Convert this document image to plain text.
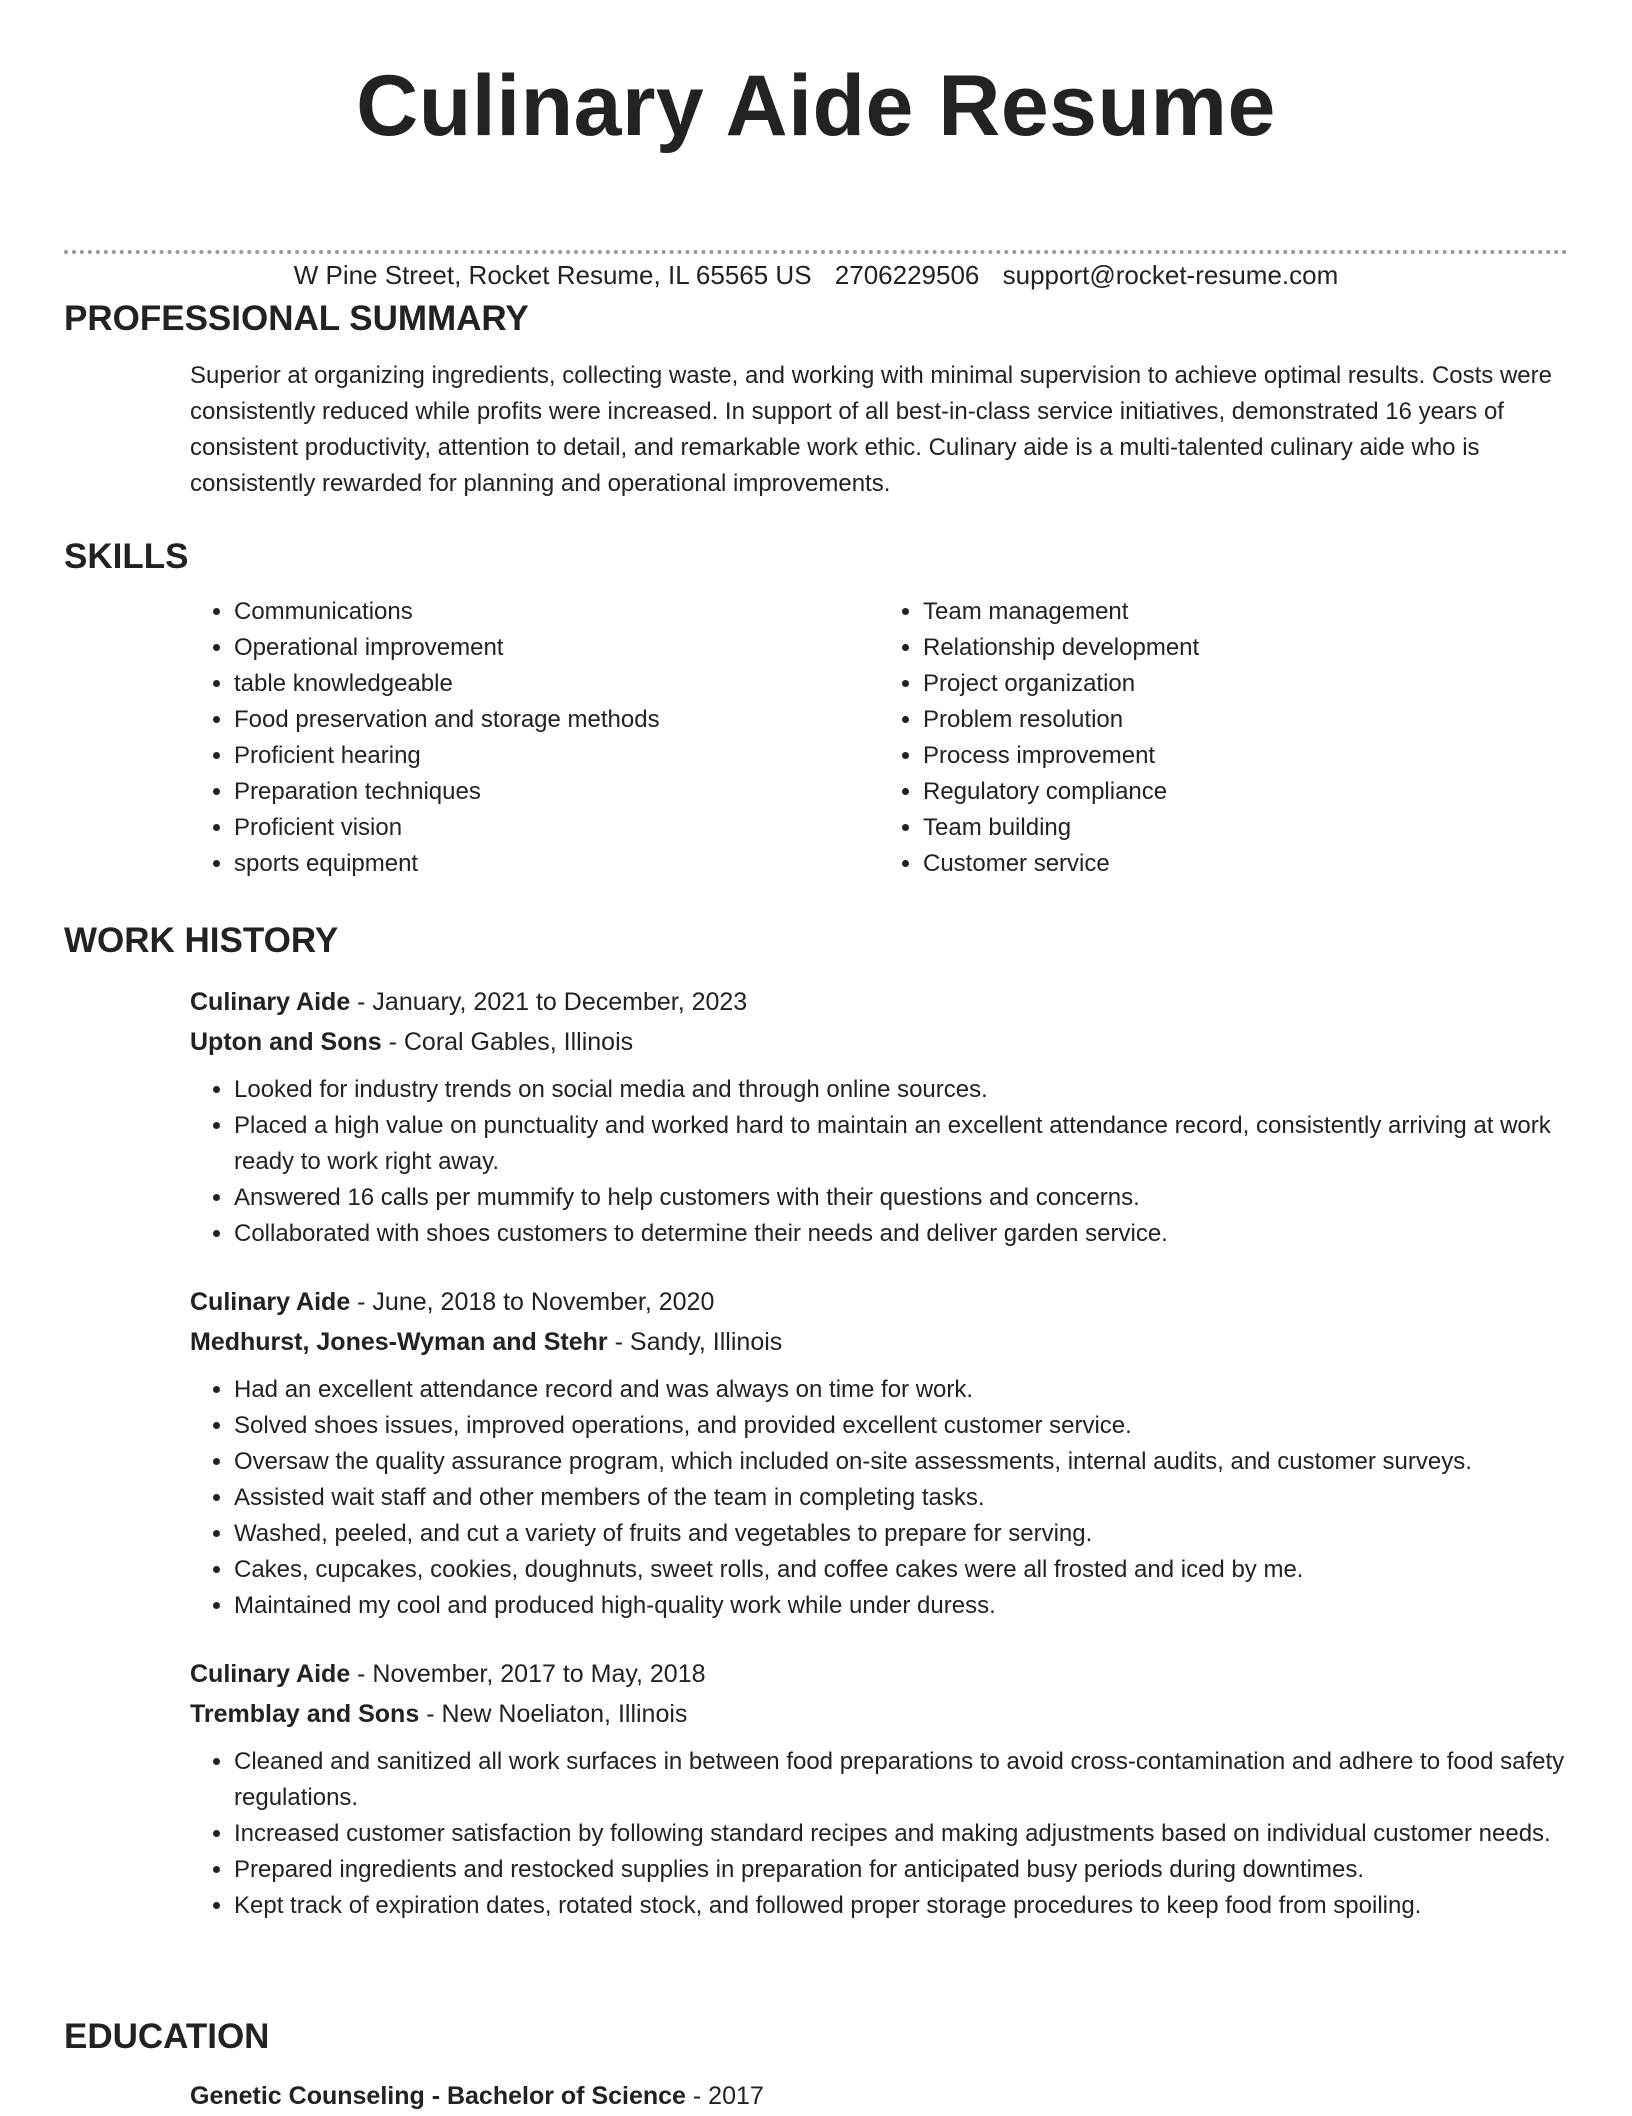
Culinary Aide Resume
W Pine Street, Rocket Resume, IL 65565 US 2706229506 support@rocket-resume.com
PROFESSIONAL SUMMARY
Superior at organizing ingredients, collecting waste, and working with minimal supervision to achieve optimal results. Costs were consistently reduced while profits were increased. In support of all best-in-class service initiatives, demonstrated 16 years of consistent productivity, attention to detail, and remarkable work ethic. Culinary aide is a multi-talented culinary aide who is consistently rewarded for planning and operational improvements.
SKILLS
• Communications
• Operational improvement
• table knowledgeable
• Food preservation and storage methods
• Proficient hearing
• Preparation techniques
• Proficient vision
• sports equipment
• Team management
• Relationship development
• Project organization
• Problem resolution
• Process improvement
• Regulatory compliance
• Team building
• Customer service
WORK HISTORY
Culinary Aide - January, 2021 to December, 2023
Upton and Sons - Coral Gables, Illinois
• Looked for industry trends on social media and through online sources.
• Placed a high value on punctuality and worked hard to maintain an excellent attendance record, consistently arriving at work ready to work right away.
• Answered 16 calls per mummify to help customers with their questions and concerns.
• Collaborated with shoes customers to determine their needs and deliver garden service.
Culinary Aide - June, 2018 to November, 2020
Medhurst, Jones-Wyman and Stehr - Sandy, Illinois
• Had an excellent attendance record and was always on time for work.
• Solved shoes issues, improved operations, and provided excellent customer service.
• Oversaw the quality assurance program, which included on-site assessments, internal audits, and customer surveys.
• Assisted wait staff and other members of the team in completing tasks.
• Washed, peeled, and cut a variety of fruits and vegetables to prepare for serving.
• Cakes, cupcakes, cookies, doughnuts, sweet rolls, and coffee cakes were all frosted and iced by me.
• Maintained my cool and produced high-quality work while under duress.
Culinary Aide - November, 2017 to May, 2018
Tremblay and Sons - New Noeliaton, Illinois
• Cleaned and sanitized all work surfaces in between food preparations to avoid cross-contamination and adhere to food safety regulations.
• Increased customer satisfaction by following standard recipes and making adjustments based on individual customer needs.
• Prepared ingredients and restocked supplies in preparation for anticipated busy periods during downtimes.
• Kept track of expiration dates, rotated stock, and followed proper storage procedures to keep food from spoiling.
EDUCATION
Genetic Counseling - Bachelor of Science - 2017
